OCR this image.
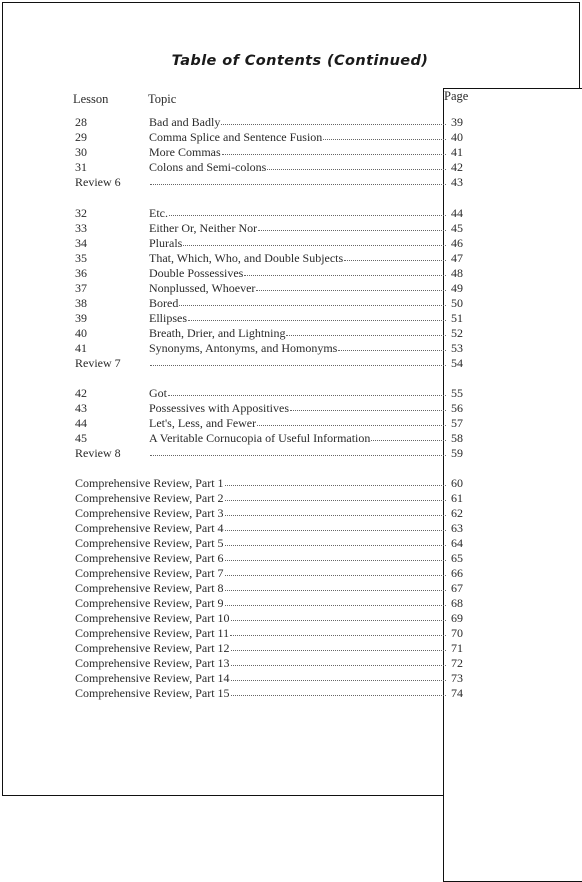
Table of Contents (Continued)
Lesson	Topic	Page
28	Bad and Badly	39
29	Comma Splice and Sentence Fusion	40
30	More Commas	41
31	Colons and Semi-colons	42
Review 6	43
32	Etc.	44
33	Either Or, Neither Nor	45
34	Plurals	46
35	That, Which, Who, and Double Subjects	47
36	Double Possessives	48
37	Nonplussed, Whoever	49
38	Bored	50
39	Ellipses	51
40	Breath, Drier, and Lightning	52
41	Synonyms, Antonyms, and Homonyms	53
Review 7	54
42	Got	55
43	Possessives with Appositives	56
44	Let's, Less, and Fewer	57
45	A Veritable Cornucopia of Useful Information	58
Review 8	59
Comprehensive Review, Part 1	60
Comprehensive Review, Part 2	61
Comprehensive Review, Part 3	62
Comprehensive Review, Part 4	63
Comprehensive Review, Part 5	64
Comprehensive Review, Part 6	65
Comprehensive Review, Part 7	66
Comprehensive Review, Part 8	67
Comprehensive Review, Part 9	68
Comprehensive Review, Part 10	69
Comprehensive Review, Part 11	70
Comprehensive Review, Part 12	71
Comprehensive Review, Part 13	72
Comprehensive Review, Part 14	73
Comprehensive Review, Part 15	74
